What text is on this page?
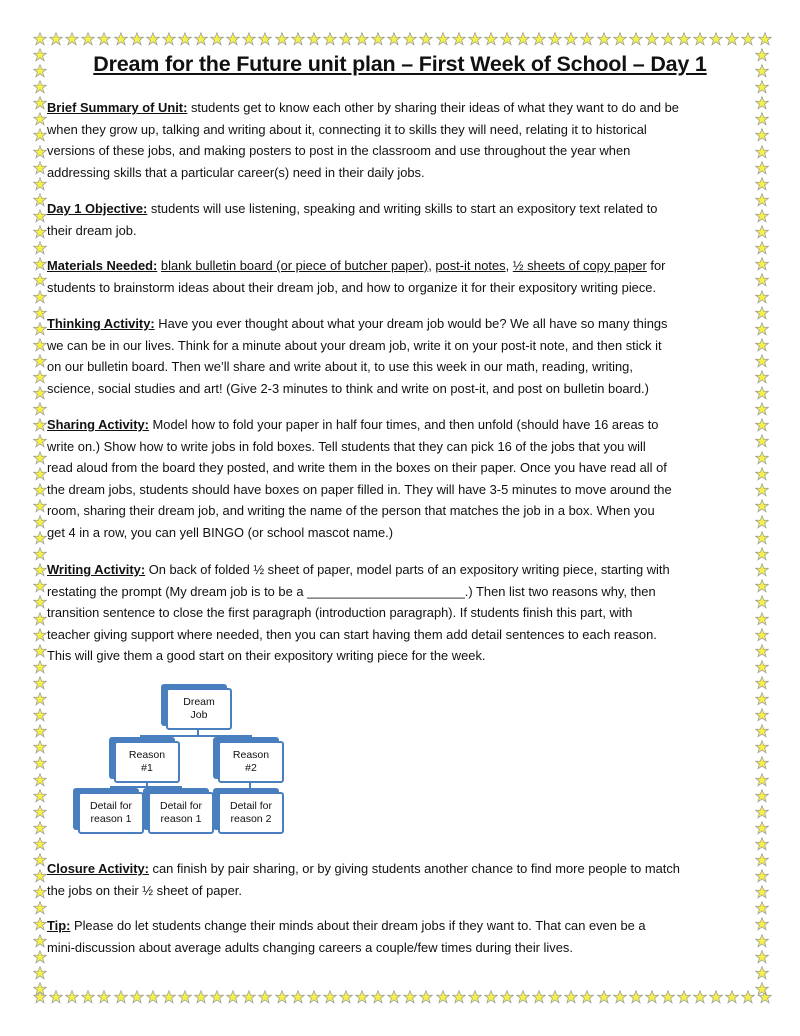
Dream for the Future unit plan – First Week of School – Day 1
Brief Summary of Unit: students get to know each other by sharing their ideas of what they want to do and be
when they grow up, talking and writing about it, connecting it to skills they will need, relating it to historical
versions of these jobs, and making posters to post in the classroom and use throughout the year when
addressing skills that a particular career(s) need in their daily jobs.
Day 1 Objective: students will use listening, speaking and writing skills to start an expository text related to
their dream job.
Materials Needed: blank bulletin board (or piece of butcher paper), post-it notes, ½ sheets of copy paper for
students to brainstorm ideas about their dream job, and how to organize it for their expository writing piece.
Thinking Activity: Have you ever thought about what your dream job would be? We all have so many things
we can be in our lives. Think for a minute about your dream job, write it on your post-it note, and then stick it
on our bulletin board. Then we’ll share and write about it, to use this week in our math, reading, writing,
science, social studies and art! (Give 2-3 minutes to think and write on post-it, and post on bulletin board.)
Sharing Activity: Model how to fold your paper in half four times, and then unfold (should have 16 areas to
write on.) Show how to write jobs in fold boxes. Tell students that they can pick 16 of the jobs that you will
read aloud from the board they posted, and write them in the boxes on their paper. Once you have read all of
the dream jobs, students should have boxes on paper filled in. They will have 3-5 minutes to move around the
room, sharing their dream job, and writing the name of the person that matches the job in a box. When you
get 4 in a row, you can yell BINGO (or school mascot name.)
Writing Activity: On back of folded ½ sheet of paper, model parts of an expository writing piece, starting with
restating the prompt (My dream job is to be a ______________________.) Then list two reasons why, then
transition sentence to close the first paragraph (introduction paragraph). If students finish this part, with
teacher giving support where needed, then you can start having them add detail sentences to each reason.
This will give them a good start on their expository writing piece for the week.
Dream
Job
Reason
#1
Reason
#2
Detail for
reason 1
Detail for
reason 1
Detail for
reason 2
Closure Activity: can finish by pair sharing, or by giving students another chance to find more people to match
the jobs on their ½ sheet of paper.
Tip: Please do let students change their minds about their dream jobs if they want to. That can even be a
mini-discussion about average adults changing careers a couple/few times during their lives.
